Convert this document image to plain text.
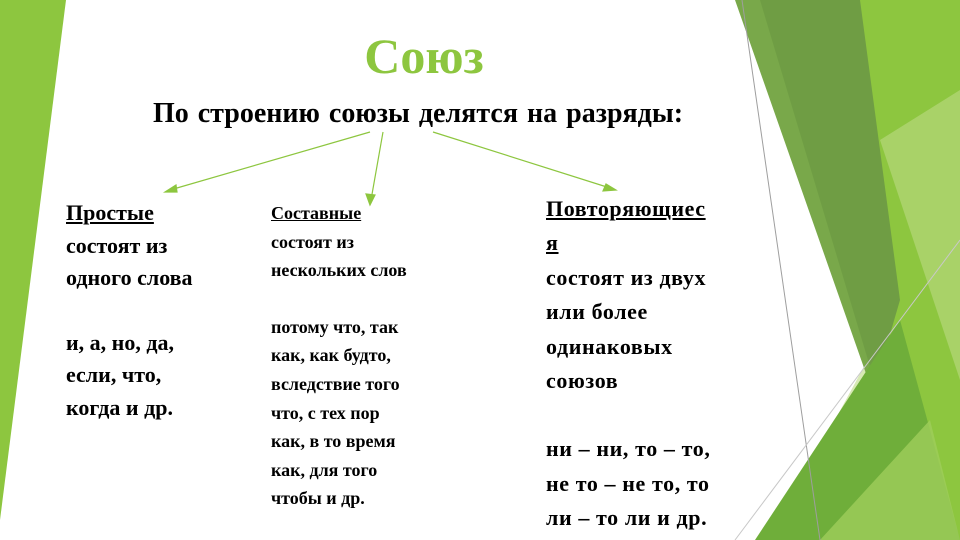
Союз
По строению союзы делятся на разряды:
Простые
состоят из
одного слова
и, а, но, да,
если, что,
когда и др.
Составные
состоят из
нескольких слов
потому что, так
как, как будто,
вследствие того
что, с тех пор
как, в то время
как, для того
чтобы и др.
Повторяющиес
я
состоят из двух
или более
одинаковых
союзов
ни – ни, то – то,
не то – не то, то
ли – то ли и др.
